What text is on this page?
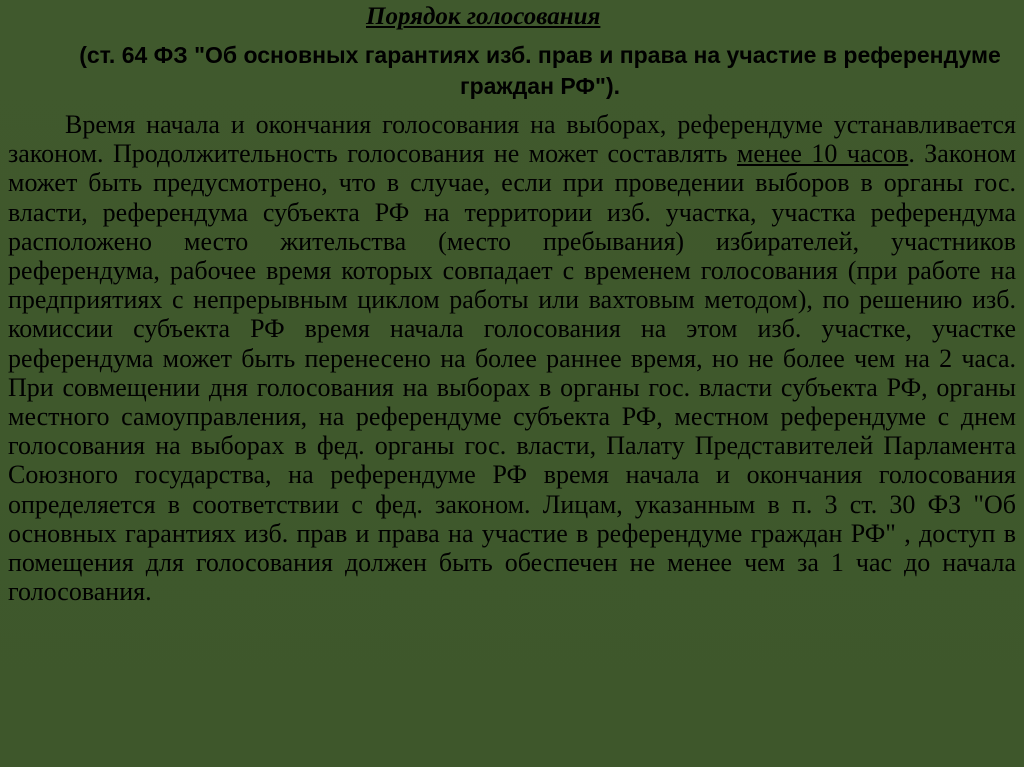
Порядок голосования
(ст. 64 ФЗ "Об основных гарантиях изб. прав и права на участие в референдуме граждан РФ").

Время начала и окончания голосования на выборах, референдуме устанавливается законом. Продолжительность голосования не может составлять менее 10 часов. Законом может быть предусмотрено, что в случае, если при проведении выборов в органы гос. власти, референдума субъекта РФ на территории изб. участка, участка референдума расположено место жительства (место пребывания) избирателей, участников референдума, рабочее время которых совпадает с временем голосования (при работе на предприятиях с непрерывным циклом работы или вахтовым методом), по решению изб. комиссии субъекта РФ время начала голосования на этом изб. участке, участке референдума может быть перенесено на более раннее время, но не более чем на 2 часа. При совмещении дня голосования на выборах в органы гос. власти субъекта РФ, органы местного самоуправления, на референдуме субъекта РФ, местном референдуме с днем голосования на выборах в фед. органы гос. власти, Палату Представителей Парламента Союзного государства, на референдуме РФ время начала и окончания голосования определяется в соответствии с фед. законом. Лицам, указанным в п. 3 ст. 30 ФЗ "Об основных гарантиях изб. прав и права на участие в референдуме граждан РФ" , доступ в помещения для голосования должен быть обеспечен не менее чем за 1 час до начала голосования.
